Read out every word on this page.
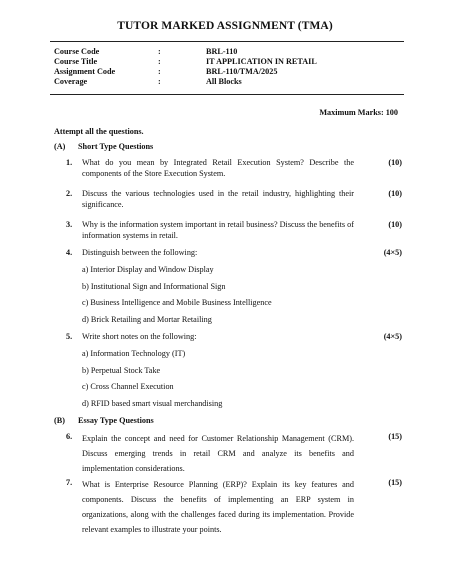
TUTOR MARKED ASSIGNMENT (TMA)
Course Code	:	BRL-110
Course Title	:	IT APPLICATION IN RETAIL
Assignment Code	:	BRL-110/TMA/2025
Coverage	:	All Blocks
Maximum Marks: 100
Attempt all the questions.
(A) Short Type Questions
1. What do you mean by Integrated Retail Execution System? Describe the components of the Store Execution System.
(10)
2. Discuss the various technologies used in the retail industry, highlighting their significance.
(10)
3. Why is the information system important in retail business? Discuss the benefits of information systems in retail.
(10)
4. Distinguish between the following:	(4×5)
a) Interior Display and Window Display
b) Institutional Sign and Informational Sign
c) Business Intelligence and Mobile Business Intelligence
d) Brick Retailing and Mortar Retailing
5. Write short notes on the following:	(4×5)
a) Information Technology (IT)
b) Perpetual Stock Take
c) Cross Channel Execution
d) RFID based smart visual merchandising
(B) Essay Type Questions
6. Explain the concept and need for Customer Relationship Management (CRM). Discuss emerging trends in retail CRM and analyze its benefits and implementation considerations.
(15)
7. What is Enterprise Resource Planning (ERP)? Explain its key features and components. Discuss the benefits of implementing an ERP system in organizations, along with the challenges faced during its implementation. Provide relevant examples to illustrate your points.
(15)
